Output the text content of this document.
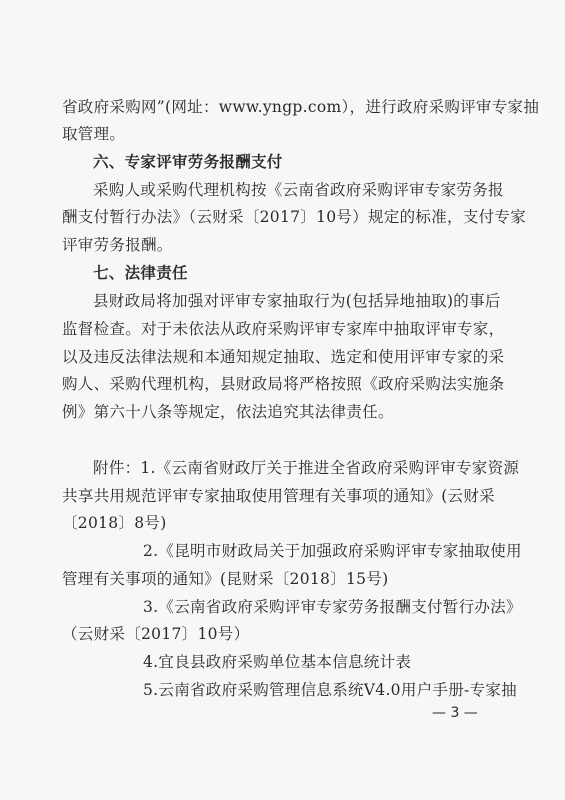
省政府采购网”(网址：www.yngp.com），进行政府采购评审专家抽
取管理。
六、专家评审劳务报酬支付
采购人或采购代理机构按《云南省政府采购评审专家劳务报
酬支付暂行办法》（云财采〔2017〕10号）规定的标准，支付专家
评审劳务报酬。
七、法律责任
县财政局将加强对评审专家抽取行为(包括异地抽取)的事后
监督检查。对于未依法从政府采购评审专家库中抽取评审专家，
以及违反法律法规和本通知规定抽取、选定和使用评审专家的采
购人、采购代理机构，县财政局将严格按照《政府采购法实施条
例》第六十八条等规定，依法追究其法律责任。
附件：1.《云南省财政厅关于推进全省政府采购评审专家资源
共享共用规范评审专家抽取使用管理有关事项的通知》(云财采
〔2018〕8号)
2.《昆明市财政局关于加强政府采购评审专家抽取使用
管理有关事项的通知》(昆财采〔2018〕15号)
3.《云南省政府采购评审专家劳务报酬支付暂行办法》
（云财采〔2017〕10号）
4.宜良县政府采购单位基本信息统计表
5.云南省政府采购管理信息系统V4.0用户手册-专家抽
— 3 —
